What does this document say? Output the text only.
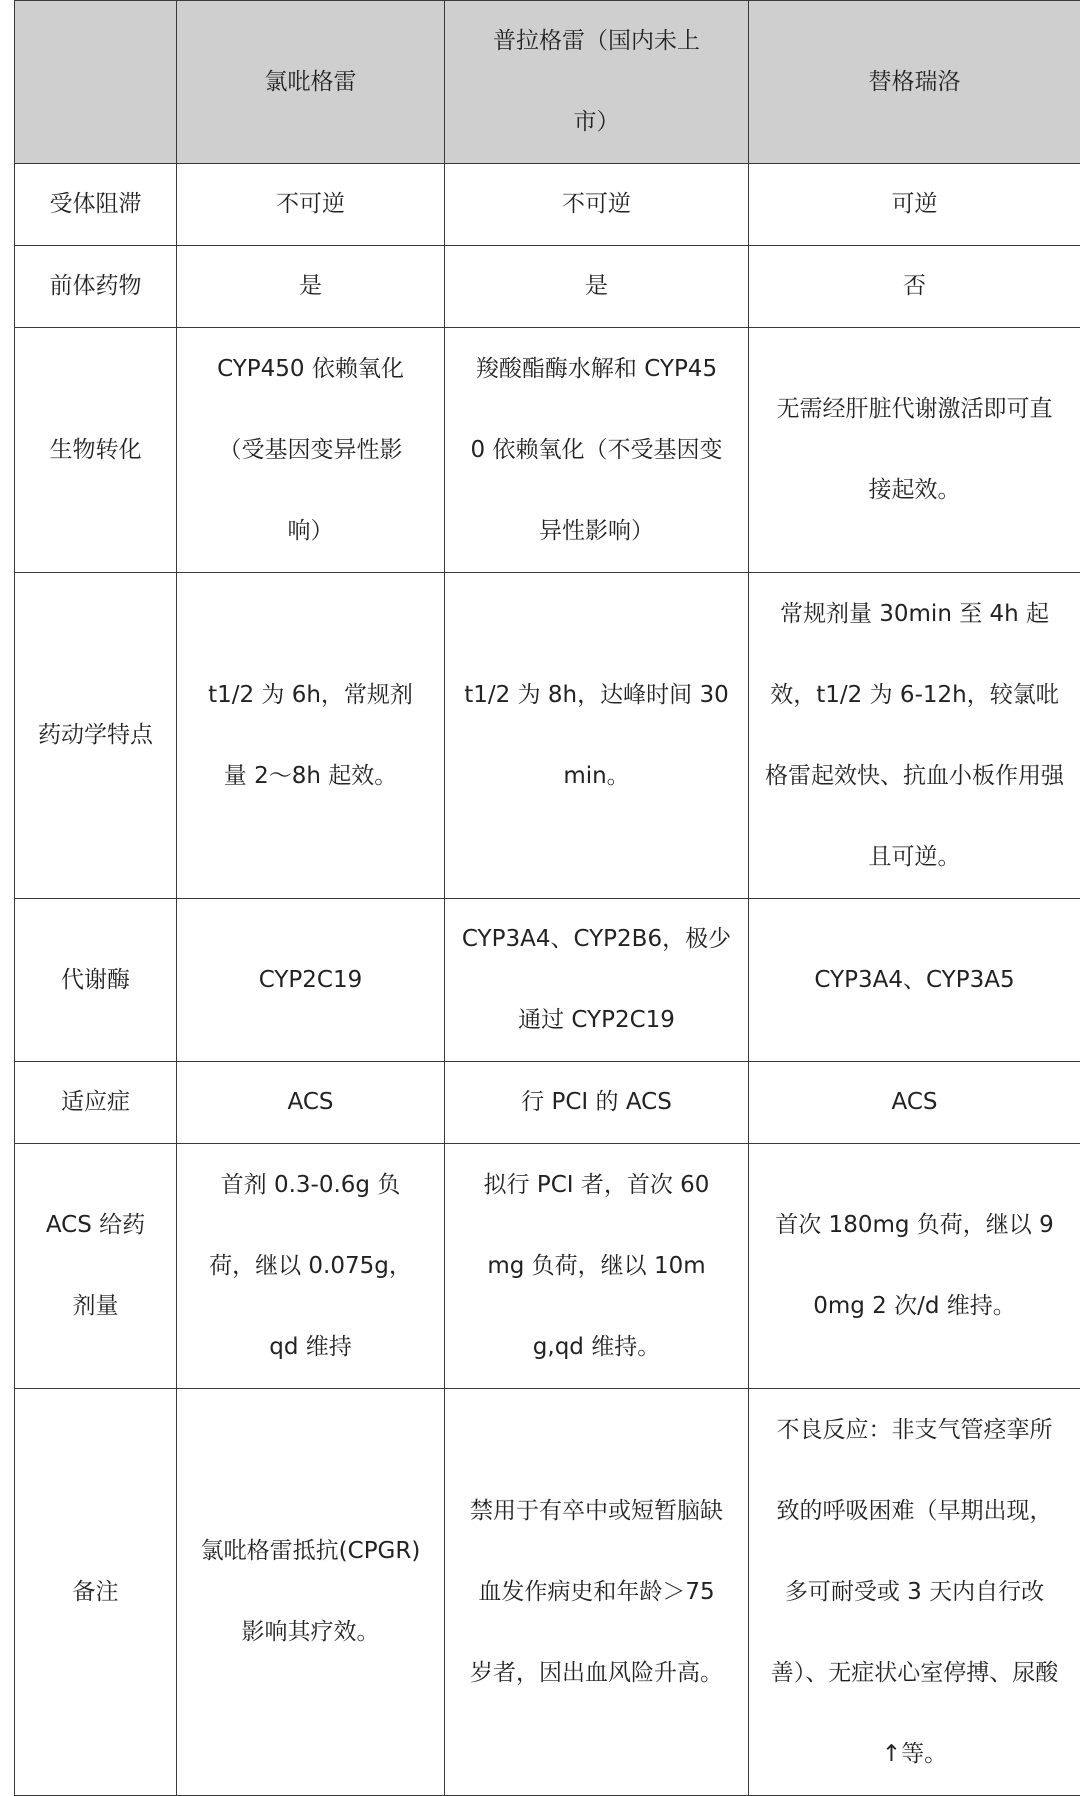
	氯吡格雷	普拉格雷（国内未上市）	替格瑞洛
受体阻滞	不可逆	不可逆	可逆
前体药物	是	是	否
生物转化	CYP450 依赖氧化（受基因变异性影响）	羧酸酯酶水解和 CYP450 依赖氧化（不受基因变异性影响）	无需经肝脏代谢激活即可直接起效。
药动学特点	t1/2 为 6h，常规剂量 2～8h 起效。	t1/2 为 8h，达峰时间 30min。	常规剂量 30min 至 4h 起效，t1/2 为 6-12h，较氯吡格雷起效快、抗血小板作用强且可逆。
代谢酶	CYP2C19	CYP3A4、CYP2B6，极少通过 CYP2C19	CYP3A4、CYP3A5
适应症	ACS	行 PCI 的 ACS	ACS
ACS 给药剂量	首剂 0.3-0.6g 负荷，继以 0.075g，qd 维持	拟行 PCI 者，首次 60mg 负荷，继以 10mg,qd 维持。	首次 180mg 负荷，继以 90mg 2 次/d 维持。
备注	氯吡格雷抵抗(CPGR)影响其疗效。	禁用于有卒中或短暂脑缺血发作病史和年龄＞75 岁者，因出血风险升高。	不良反应：非支气管痉挛所致的呼吸困难（早期出现，多可耐受或 3 天内自行改善）、无症状心室停搏、尿酸↑等。
